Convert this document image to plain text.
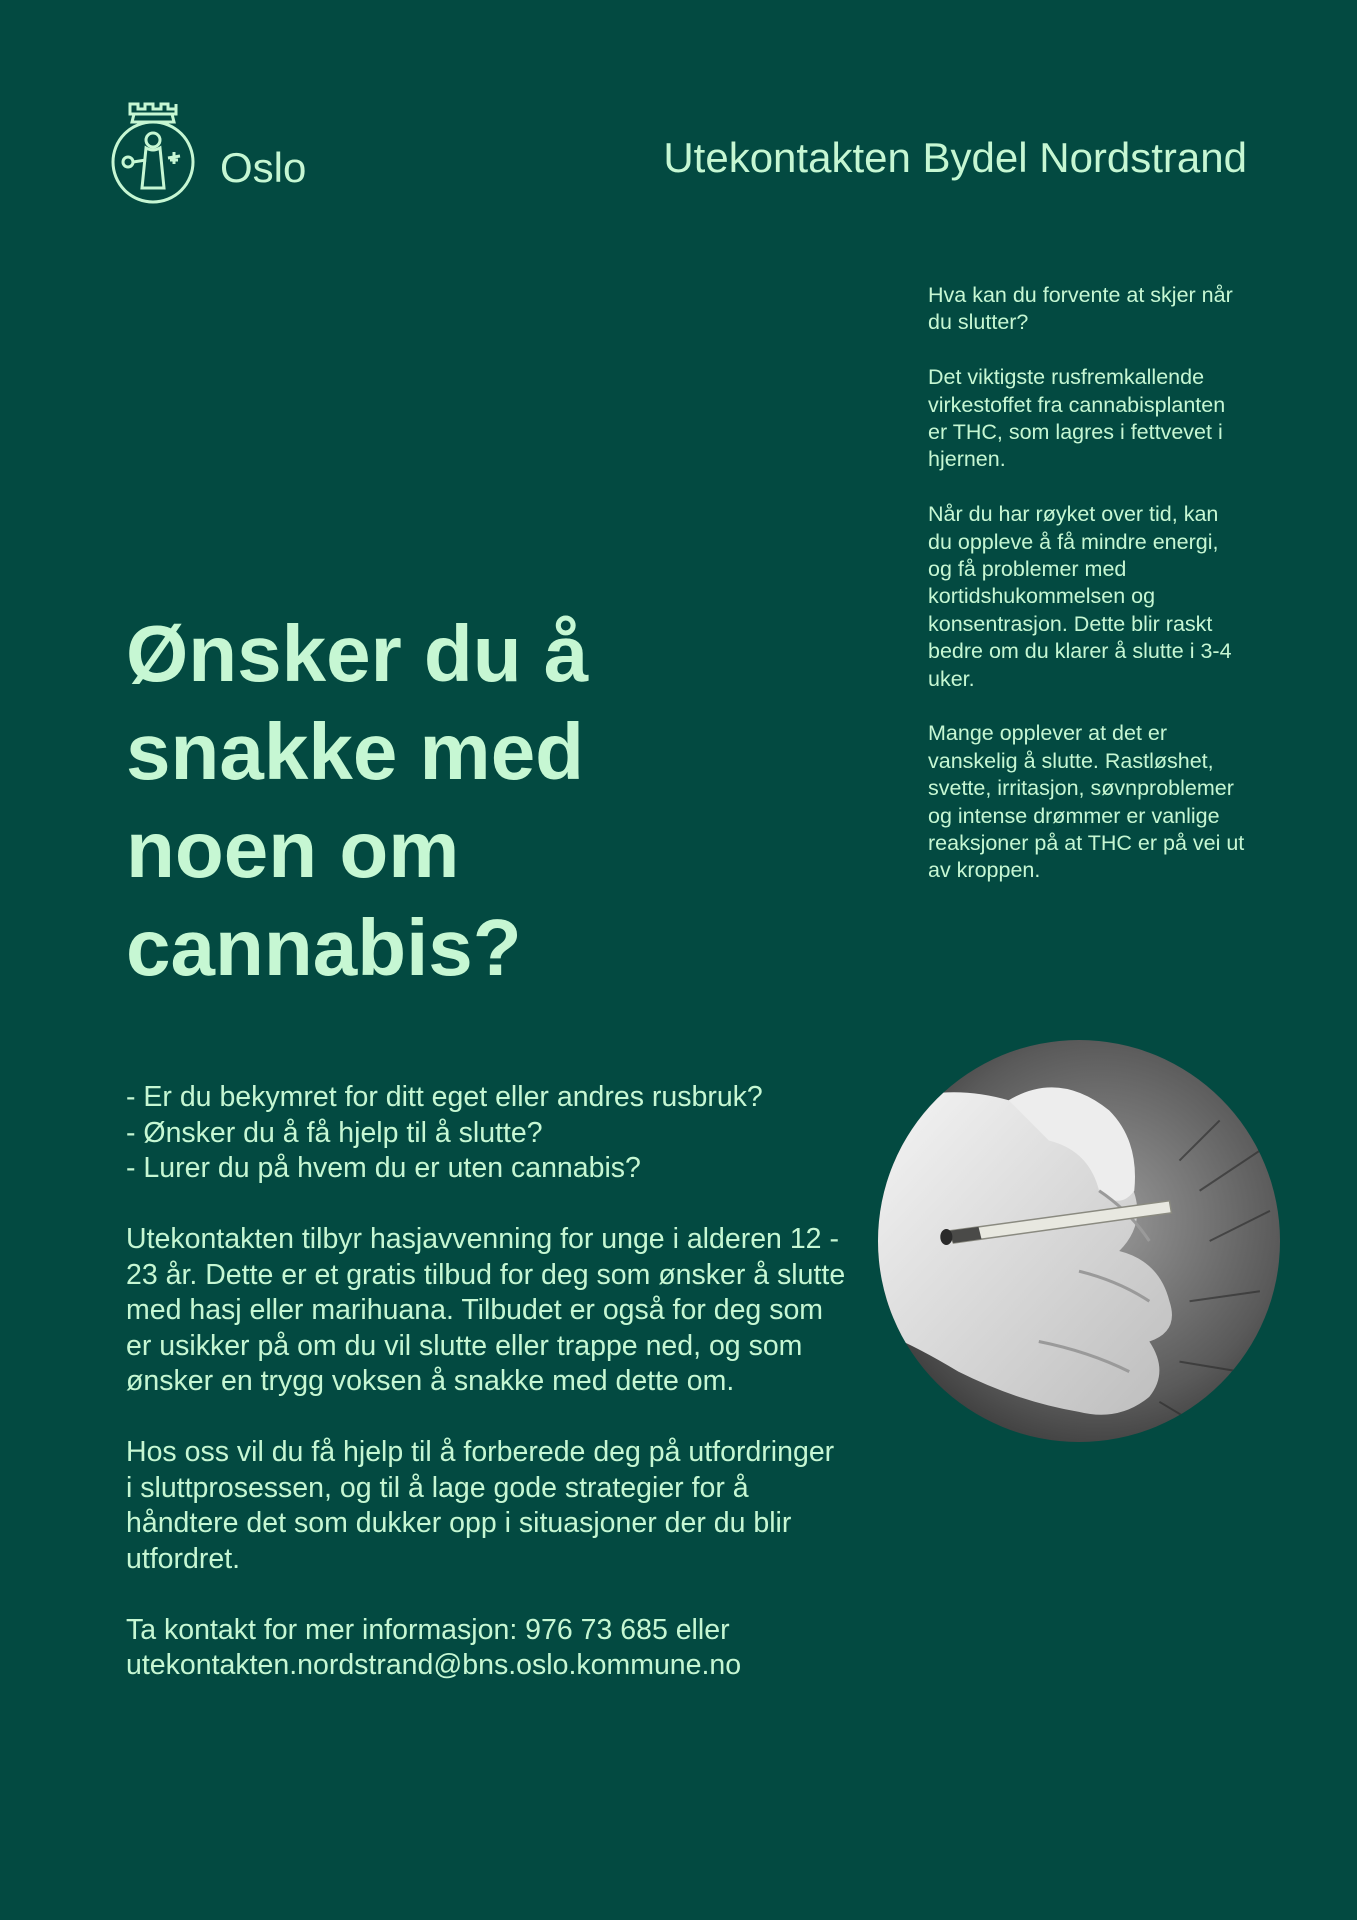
Oslo	Utekontakten Bydel Nordstrand
Ønsker du å snakke med noen om cannabis?

- Er du bekymret for ditt eget eller andres rusbruk?
- Ønsker du å få hjelp til å slutte?
- Lurer du på hvem du er uten cannabis?

Utekontakten tilbyr hasjavvenning for unge i alderen 12 - 23 år. Dette er et gratis tilbud for deg som ønsker å slutte med hasj eller marihuana. Tilbudet er også for deg som er usikker på om du vil slutte eller trappe ned, og som ønsker en trygg voksen å snakke med dette om.

Hos oss vil du få hjelp til å forberede deg på utfordringer i sluttprosessen, og til å lage gode strategier for å håndtere det som dukker opp i situasjoner der du blir utfordret.

Ta kontakt for mer informasjon: 976 73 685 eller utekontakten.nordstrand@bns.oslo.kommune.no

Hva kan du forvente at skjer når du slutter?

Det viktigste rusfremkallende virkestoffet fra cannabisplanten er THC, som lagres i fettvevet i hjernen.

Når du har røyket over tid, kan du oppleve å få mindre energi, og få problemer med kortidshukommelsen og konsentrasjon. Dette blir raskt bedre om du klarer å slutte i 3-4 uker.

Mange opplever at det er vanskelig å slutte. Rastløshet, svette, irritasjon, søvnproblemer og intense drømmer er vanlige reaksjoner på at THC er på vei ut av kroppen.
